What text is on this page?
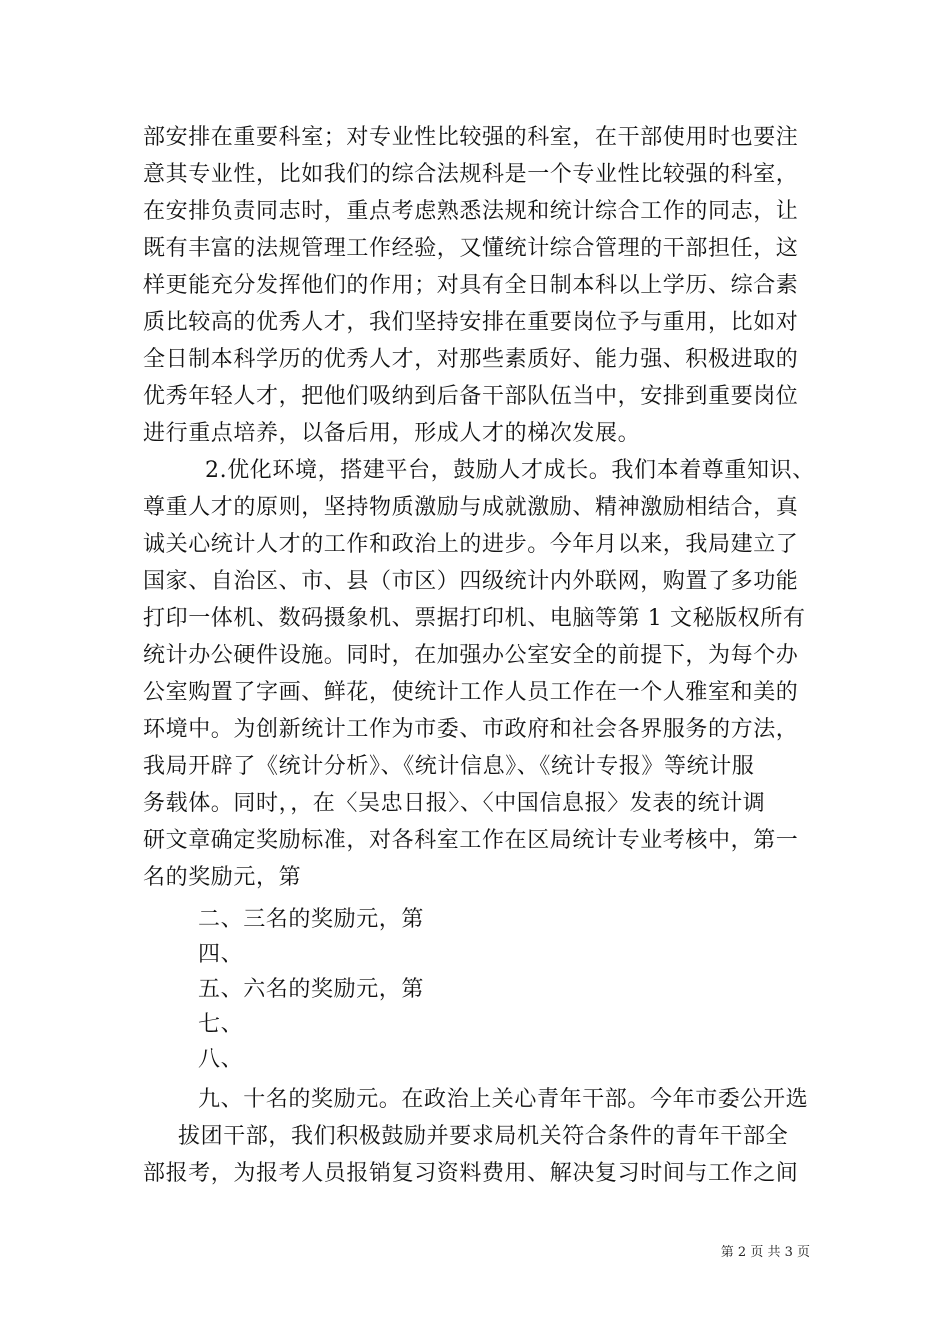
部安排在重要科室；对专业性比较强的科室，在干部使用时也要注
意其专业性，比如我们的综合法规科是一个专业性比较强的科室，
在安排负责同志时，重点考虑熟悉法规和统计综合工作的同志，让
既有丰富的法规管理工作经验，又懂统计综合管理的干部担任，这
样更能充分发挥他们的作用；对具有全日制本科以上学历、综合素
质比较高的优秀人才，我们坚持安排在重要岗位予与重用，比如对
全日制本科学历的优秀人才，对那些素质好、能力强、积极进取的
优秀年轻人才，把他们吸纳到后备干部队伍当中，安排到重要岗位
进行重点培养，以备后用，形成人才的梯次发展。
2.优化环境，搭建平台，鼓励人才成长。我们本着尊重知识、
尊重人才的原则，坚持物质激励与成就激励、精神激励相结合，真
诚关心统计人才的工作和政治上的进步。今年月以来，我局建立了
国家、自治区、市、县（市区）四级统计内外联网，购置了多功能
打印一体机、数码摄象机、票据打印机、电脑等第 1 文秘版权所有
统计办公硬件设施。同时，在加强办公室安全的前提下，为每个办
公室购置了字画、鲜花，使统计工作人员工作在一个人雅室和美的
环境中。为创新统计工作为市委、市政府和社会各界服务的方法，
我局开辟了《统计分析》、《统计信息》、《统计专报》等统计服
务载体。同时，，在〈吴忠日报〉、〈中国信息报〉发表的统计调
研文章确定奖励标准，对各科室工作在区局统计专业考核中，第一
名的奖励元，第
二、三名的奖励元，第
四、
五、六名的奖励元，第
七、
八、
九、十名的奖励元。在政治上关心青年干部。今年市委公开选
拔团干部，我们积极鼓励并要求局机关符合条件的青年干部全
部报考，为报考人员报销复习资料费用、解决复习时间与工作之间
第 2 页 共 3 页
